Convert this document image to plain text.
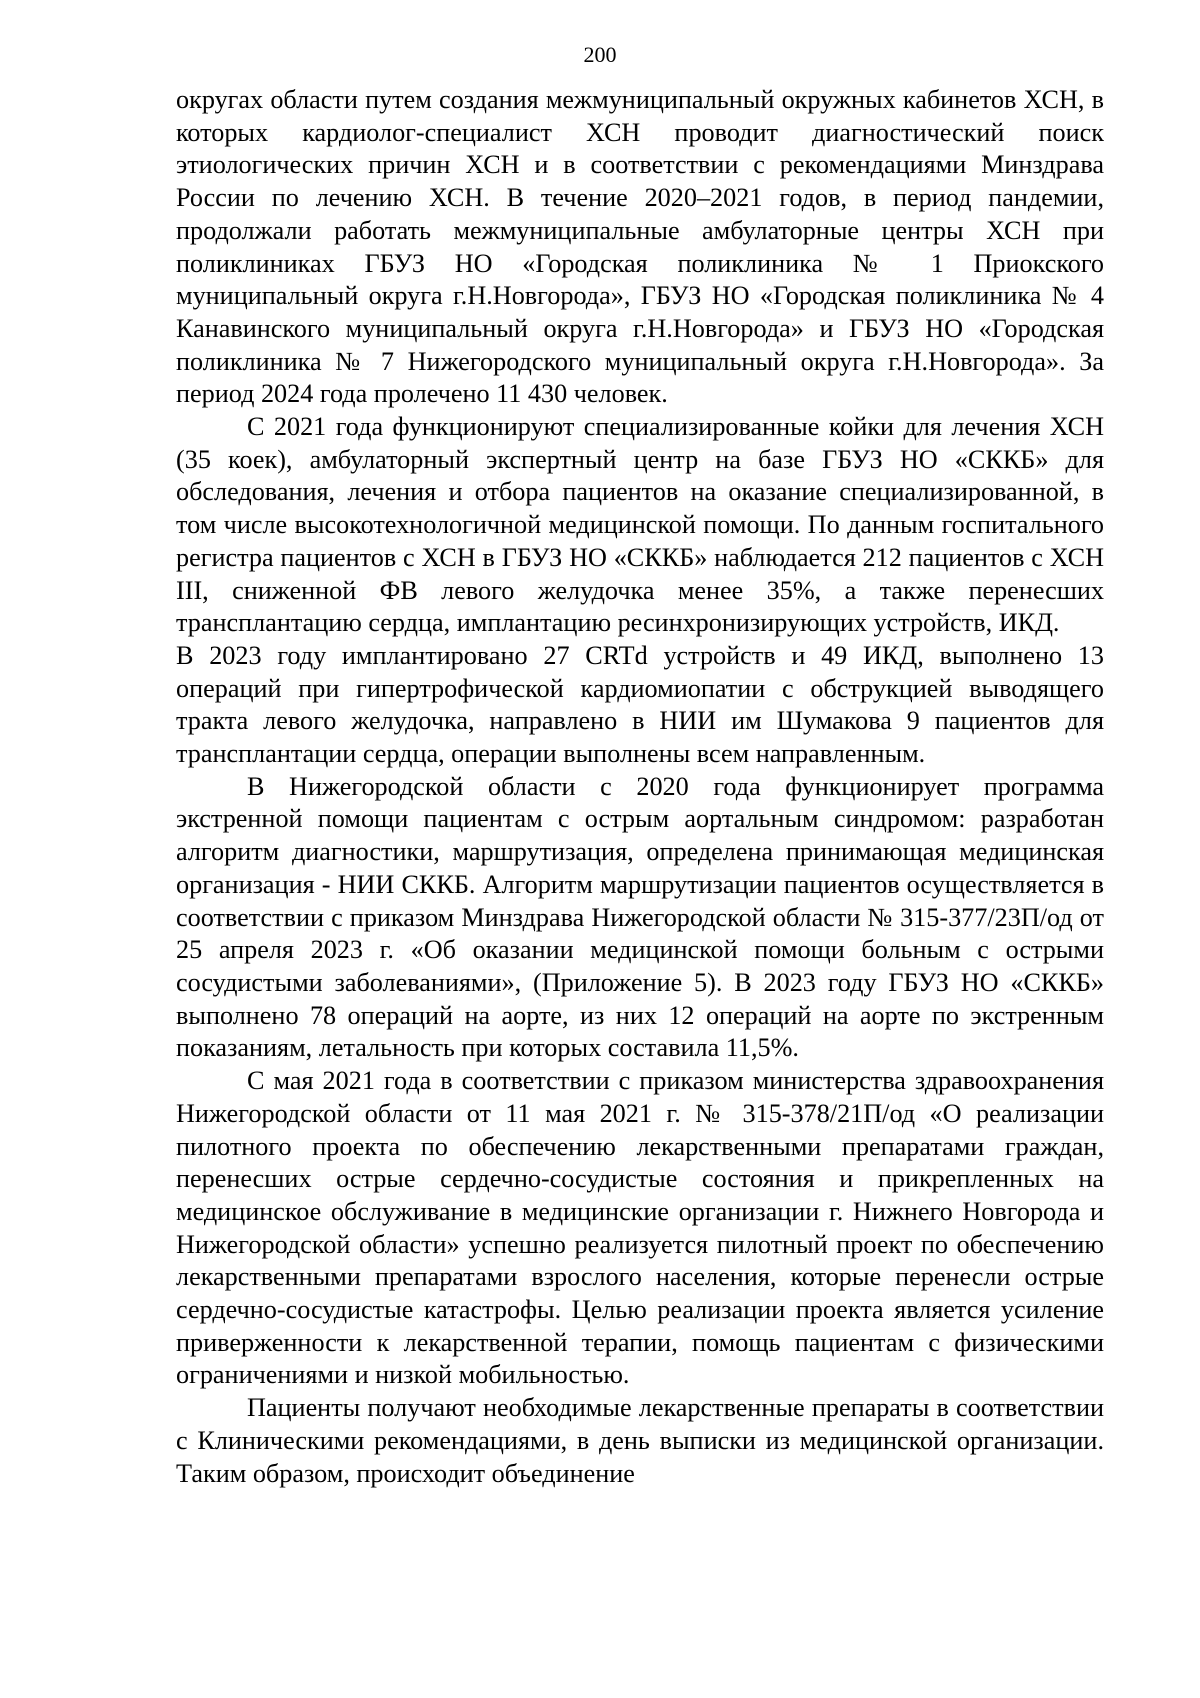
200

округах области путем создания межмуниципальный окружных кабинетов ХСН, в которых кардиолог-специалист ХСН проводит диагностический поиск этиологических причин ХСН и в соответствии с рекомендациями Минздрава России по лечению ХСН. В течение 2020–2021 годов, в период пандемии, продолжали работать межмуниципальные амбулаторные центры ХСН при поликлиниках ГБУЗ НО «Городская поликлиника № 1 Приокского муниципальный округа г.Н.Новгорода», ГБУЗ НО «Городская поликлиника № 4 Канавинского муниципальный округа г.Н.Новгорода» и ГБУЗ НО «Городская поликлиника № 7 Нижегородского муниципальный округа г.Н.Новгорода». За период 2024 года пролечено 11 430 человек.

С 2021 года функционируют специализированные койки для лечения ХСН (35 коек), амбулаторный экспертный центр на базе ГБУЗ НО «СККБ» для обследования, лечения и отбора пациентов на оказание специализированной, в том числе высокотехнологичной медицинской помощи. По данным госпитального регистра пациентов с ХСН в ГБУЗ НО «СККБ» наблюдается 212 пациентов с ХСН III, сниженной ФВ левого желудочка менее 35%, а также перенесших трансплантацию сердца, имплантацию ресинхронизирующих устройств, ИКД.

В 2023 году имплантировано 27 CRTd устройств и 49 ИКД, выполнено 13 операций при гипертрофической кардиомиопатии с обструкцией выводящего тракта левого желудочка, направлено в НИИ им Шумакова 9 пациентов для трансплантации сердца, операции выполнены всем направленным.

В Нижегородской области с 2020 года функционирует программа экстренной помощи пациентам с острым аортальным синдромом: разработан алгоритм диагностики, маршрутизация, определена принимающая медицинская организация - НИИ СККБ. Алгоритм маршрутизации пациентов осуществляется в соответствии с приказом Минздрава Нижегородской области № 315-377/23П/од от 25 апреля 2023 г. «Об оказании медицинской помощи больным с острыми сосудистыми заболеваниями», (Приложение 5). В 2023 году ГБУЗ НО «СККБ» выполнено 78 операций на аорте, из них 12 операций на аорте по экстренным показаниям, летальность при которых составила 11,5%.

С мая 2021 года в соответствии с приказом министерства здравоохранения Нижегородской области от 11 мая 2021 г. № 315-378/21П/од «О реализации пилотного проекта по обеспечению лекарственными препаратами граждан, перенесших острые сердечно-сосудистые состояния и прикрепленных на медицинское обслуживание в медицинские организации г. Нижнего Новгорода и Нижегородской области» успешно реализуется пилотный проект по обеспечению лекарственными препаратами взрослого населения, которые перенесли острые сердечно-сосудистые катастрофы. Целью реализации проекта является усиление приверженности к лекарственной терапии, помощь пациентам с физическими ограничениями и низкой мобильностью.

Пациенты получают необходимые лекарственные препараты в соответствии с Клиническими рекомендациями, в день выписки из медицинской организации. Таким образом, происходит объединение
